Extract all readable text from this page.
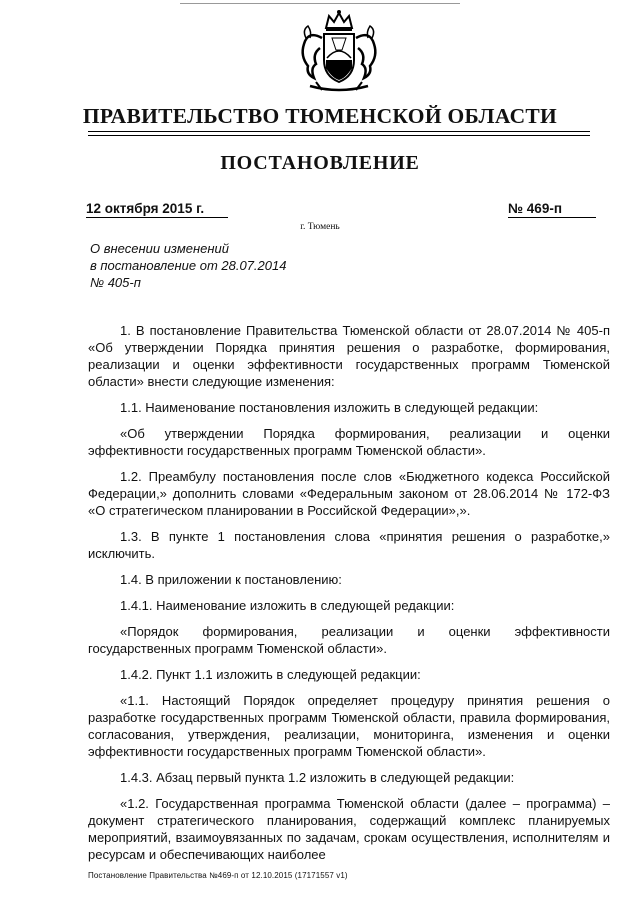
ПРАВИТЕЛЬСТВО ТЮМЕНСКОЙ ОБЛАСТИ
ПОСТАНОВЛЕНИЕ
12 октября 2015 г.	№ 469-п
г. Тюмень
О внесении изменений
в постановление от 28.07.2014
№ 405-п

1. В постановление Правительства Тюменской области от 28.07.2014 № 405-п «Об утверждении Порядка принятия решения о разработке, формирования, реализации и оценки эффективности государственных программ Тюменской области» внести следующие изменения:

1.1. Наименование постановления изложить в следующей редакции:

«Об утверждении Порядка формирования, реализации и оценки эффективности государственных программ Тюменской области».

1.2. Преамбулу постановления после слов «Бюджетного кодекса Российской Федерации,» дополнить словами «Федеральным законом от 28.06.2014 № 172-ФЗ «О стратегическом планировании в Российской Федерации»,».

1.3. В пункте 1 постановления слова «принятия решения о разработке,» исключить.

1.4. В приложении к постановлению:

1.4.1. Наименование изложить в следующей редакции:

«Порядок формирования, реализации и оценки эффективности государственных программ Тюменской области».

1.4.2. Пункт 1.1 изложить в следующей редакции:

«1.1. Настоящий Порядок определяет процедуру принятия решения о разработке государственных программ Тюменской области, правила формирования, согласования, утверждения, реализации, мониторинга, изменения и оценки эффективности государственных программ Тюменской области».

1.4.3. Абзац первый пункта 1.2 изложить в следующей редакции:

«1.2. Государственная программа Тюменской области (далее – программа) – документ стратегического планирования, содержащий комплекс планируемых мероприятий, взаимоувязанных по задачам, срокам осуществления, исполнителям и ресурсам и обеспечивающих наиболее

Постановление Правительства №469-п от 12.10.2015 (17171557 v1)
